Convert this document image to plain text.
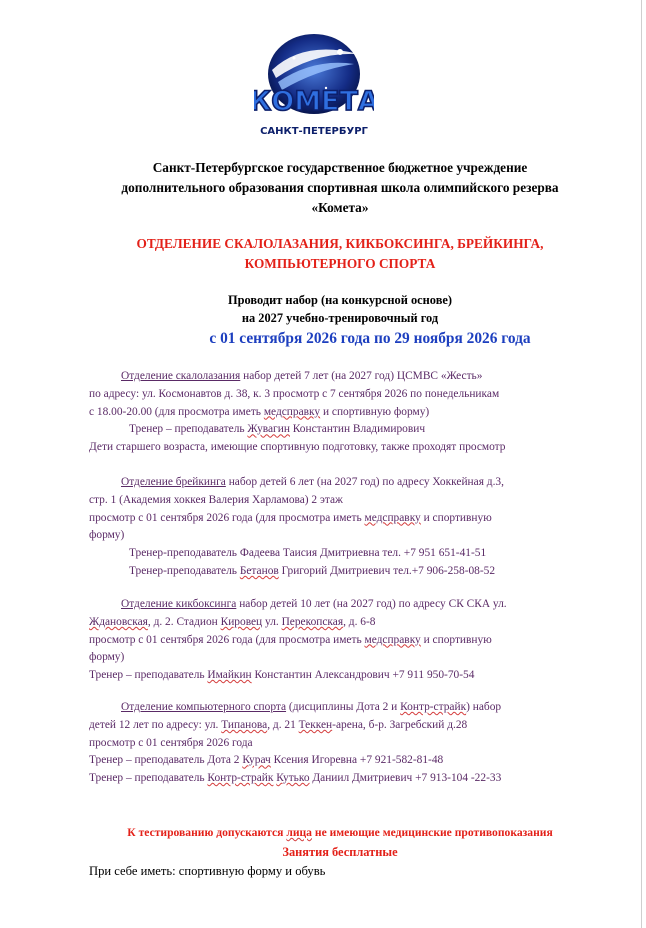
КОМЕТА
САНКТ-ПЕТЕРБУРГ
Санкт-Петербургское государственное бюджетное учреждение
дополнительного образования спортивная школа олимпийского резерва
«Комета»
ОТДЕЛЕНИЕ СКАЛОЛАЗАНИЯ, КИКБОКСИНГА, БРЕЙКИНГА,
КОМПЬЮТЕРНОГО СПОРТА
Проводит набор (на конкурсной основе)
на 2027 учебно-тренировочный год
с 01 сентября 2026 года по 29 ноября 2026 года

Отделение скалолазания набор детей 7 лет (на 2027 год) ЦСМВС «Жесть»

по адресу: ул. Космонавтов д. 38, к. 3 просмотр с 7 сентября 2026 по понедельникам

с 18.00-20.00 (для просмотра иметь медсправку и спортивную форму)

Тренер – преподаватель Жувагин Константин Владимирович

Дети старшего возраста, имеющие спортивную подготовку, также проходят просмотр

Отделение брейкинга набор детей 6 лет (на 2027 год) по адресу Хоккейная д.3,

стр. 1 (Академия хоккея Валерия Харламова) 2 этаж

просмотр с 01 сентября 2026 года (для просмотра иметь медсправку и спортивную

форму)

Тренер-преподаватель Фадеева Таисия Дмитриевна тел. +7 951 651-41-51

Тренер-преподаватель Бетанов Григорий Дмитриевич тел.+7 906-258-08-52

Отделение кикбоксинга набор детей 10 лет (на 2027 год) по адресу СК СКА ул.

Ждановская, д. 2. Стадион Кировец ул. Перекопская, д. 6-8

просмотр с 01 сентября 2026 года (для просмотра иметь медсправку и спортивную

форму)

Тренер – преподаватель Имайкин Константин Александрович +7 911 950-70-54

Отделение компьютерного спорта (дисциплины Дота 2 и Контр-страйк) набор

детей 12 лет по адресу: ул. Типанова, д. 21 Теккен-арена, б-р. Загребский д.28

просмотр с 01 сентября 2026 года

Тренер – преподаватель Дота 2 Курач Ксения Игоревна +7 921-582-81-48

Тренер – преподаватель Контр-страйк Кутько Даниил Дмитриевич +7 913-104 -22-33

К тестированию допускаются лица не имеющие медицинские противопоказания
Занятия бесплатные
При себе иметь: спортивную форму и обувь
